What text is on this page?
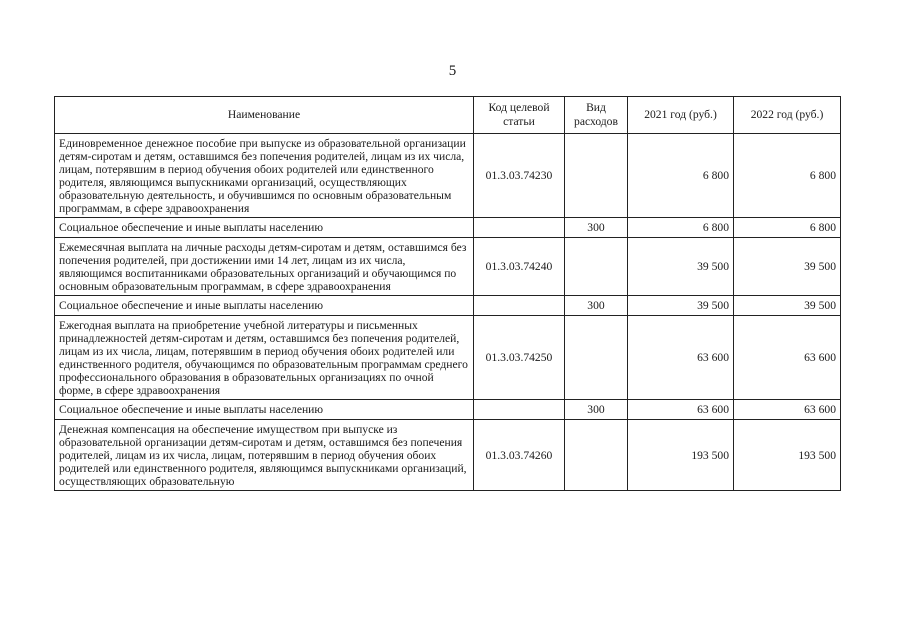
5
Наименование	Код целевой статьи	Вид расходов	2021 год (руб.)	2022 год (руб.)
Единовременное денежное пособие при выпуске из образовательной организации детям-сиротам и детям, оставшимся без попечения родителей, лицам из их числа, лицам, потерявшим в период обучения обоих родителей или единственного родителя, являющимся выпускниками организаций, осуществляющих образовательную деятельность, и обучившимся по основным образовательным программам, в сфере здравоохранения	01.3.03.74230		6 800	6 800
Социальное обеспечение и иные выплаты населению		300	6 800	6 800
Ежемесячная выплата на личные расходы детям-сиротам и детям, оставшимся без попечения родителей, при достижении ими 14 лет, лицам из их числа, являющимся воспитанниками образовательных организаций и обучающимся по основным образовательным программам, в сфере здравоохранения	01.3.03.74240		39 500	39 500
Социальное обеспечение и иные выплаты населению		300	39 500	39 500
Ежегодная выплата на приобретение учебной литературы и письменных принадлежностей детям-сиротам и детям, оставшимся без попечения родителей, лицам из их числа, лицам, потерявшим в период обучения обоих родителей или единственного родителя, обучающимся по образовательным программам среднего профессионального образования в образовательных организациях по очной форме, в сфере здравоохранения	01.3.03.74250		63 600	63 600
Социальное обеспечение и иные выплаты населению		300	63 600	63 600
Денежная компенсация на обеспечение имуществом при выпуске из образовательной организации детям-сиротам и детям, оставшимся без попечения родителей, лицам из их числа, лицам, потерявшим в период обучения обоих родителей или единственного родителя, являющимся выпускниками организаций, осуществляющих образовательную	01.3.03.74260		193 500	193 500
